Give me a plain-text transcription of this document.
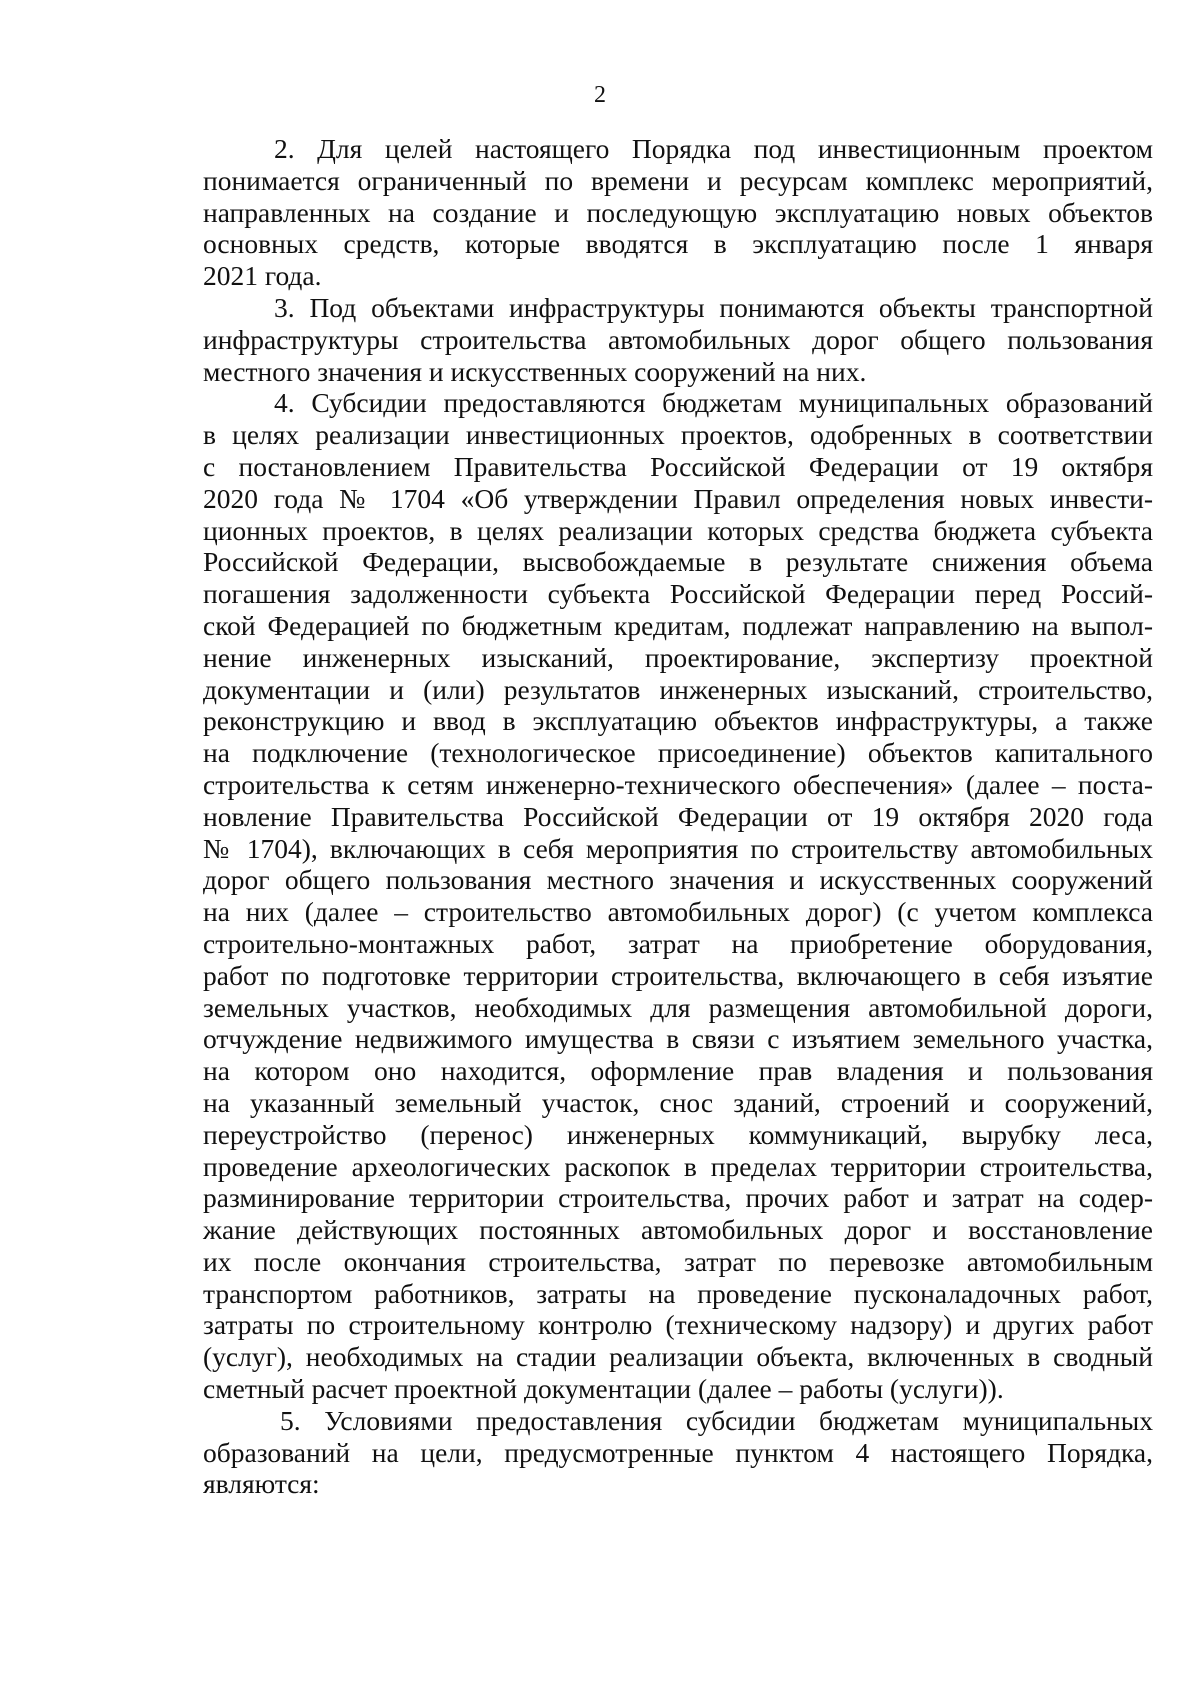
2
2. Для целей настоящего Порядка под инвестиционным проектом
понимается ограниченный по времени и ресурсам комплекс мероприятий,
направленных на создание и последующую эксплуатацию новых объектов
основных средств, которые вводятся в эксплуатацию после 1 января
2021 года.
3. Под объектами инфраструктуры понимаются объекты транспортной
инфраструктуры строительства автомобильных дорог общего пользования
местного значения и искусственных сооружений на них.
4. Субсидии предоставляются бюджетам муниципальных образований
в целях реализации инвестиционных проектов, одобренных в соответствии
с постановлением Правительства Российской Федерации от 19 октября
2020 года № 1704 «Об утверждении Правил определения новых инвести-
ционных проектов, в целях реализации которых средства бюджета субъекта
Российской Федерации, высвобождаемые в результате снижения объема
погашения задолженности субъекта Российской Федерации перед Россий-
ской Федерацией по бюджетным кредитам, подлежат направлению на выпол-
нение инженерных изысканий, проектирование, экспертизу проектной
документации и (или) результатов инженерных изысканий, строительство,
реконструкцию и ввод в эксплуатацию объектов инфраструктуры, а также
на подключение (технологическое присоединение) объектов капитального
строительства к сетям инженерно-технического обеспечения» (далее – поста-
новление Правительства Российской Федерации от 19 октября 2020 года
№ 1704), включающих в себя мероприятия по строительству автомобильных
дорог общего пользования местного значения и искусственных сооружений
на них (далее – строительство автомобильных дорог) (с учетом комплекса
строительно-монтажных работ, затрат на приобретение оборудования,
работ по подготовке территории строительства, включающего в себя изъятие
земельных участков, необходимых для размещения автомобильной дороги,
отчуждение недвижимого имущества в связи с изъятием земельного участка,
на котором оно находится, оформление прав владения и пользования
на указанный земельный участок, снос зданий, строений и сооружений,
переустройство (перенос) инженерных коммуникаций, вырубку леса,
проведение археологических раскопок в пределах территории строительства,
разминирование территории строительства, прочих работ и затрат на содер-
жание действующих постоянных автомобильных дорог и восстановление
их после окончания строительства, затрат по перевозке автомобильным
транспортом работников, затраты на проведение пусконаладочных работ,
затраты по строительному контролю (техническому надзору) и других работ
(услуг), необходимых на стадии реализации объекта, включенных в сводный
сметный расчет проектной документации (далее – работы (услуги)).
5. Условиями предоставления субсидии бюджетам муниципальных
образований на цели, предусмотренные пунктом 4 настоящего Порядка,
являются:
